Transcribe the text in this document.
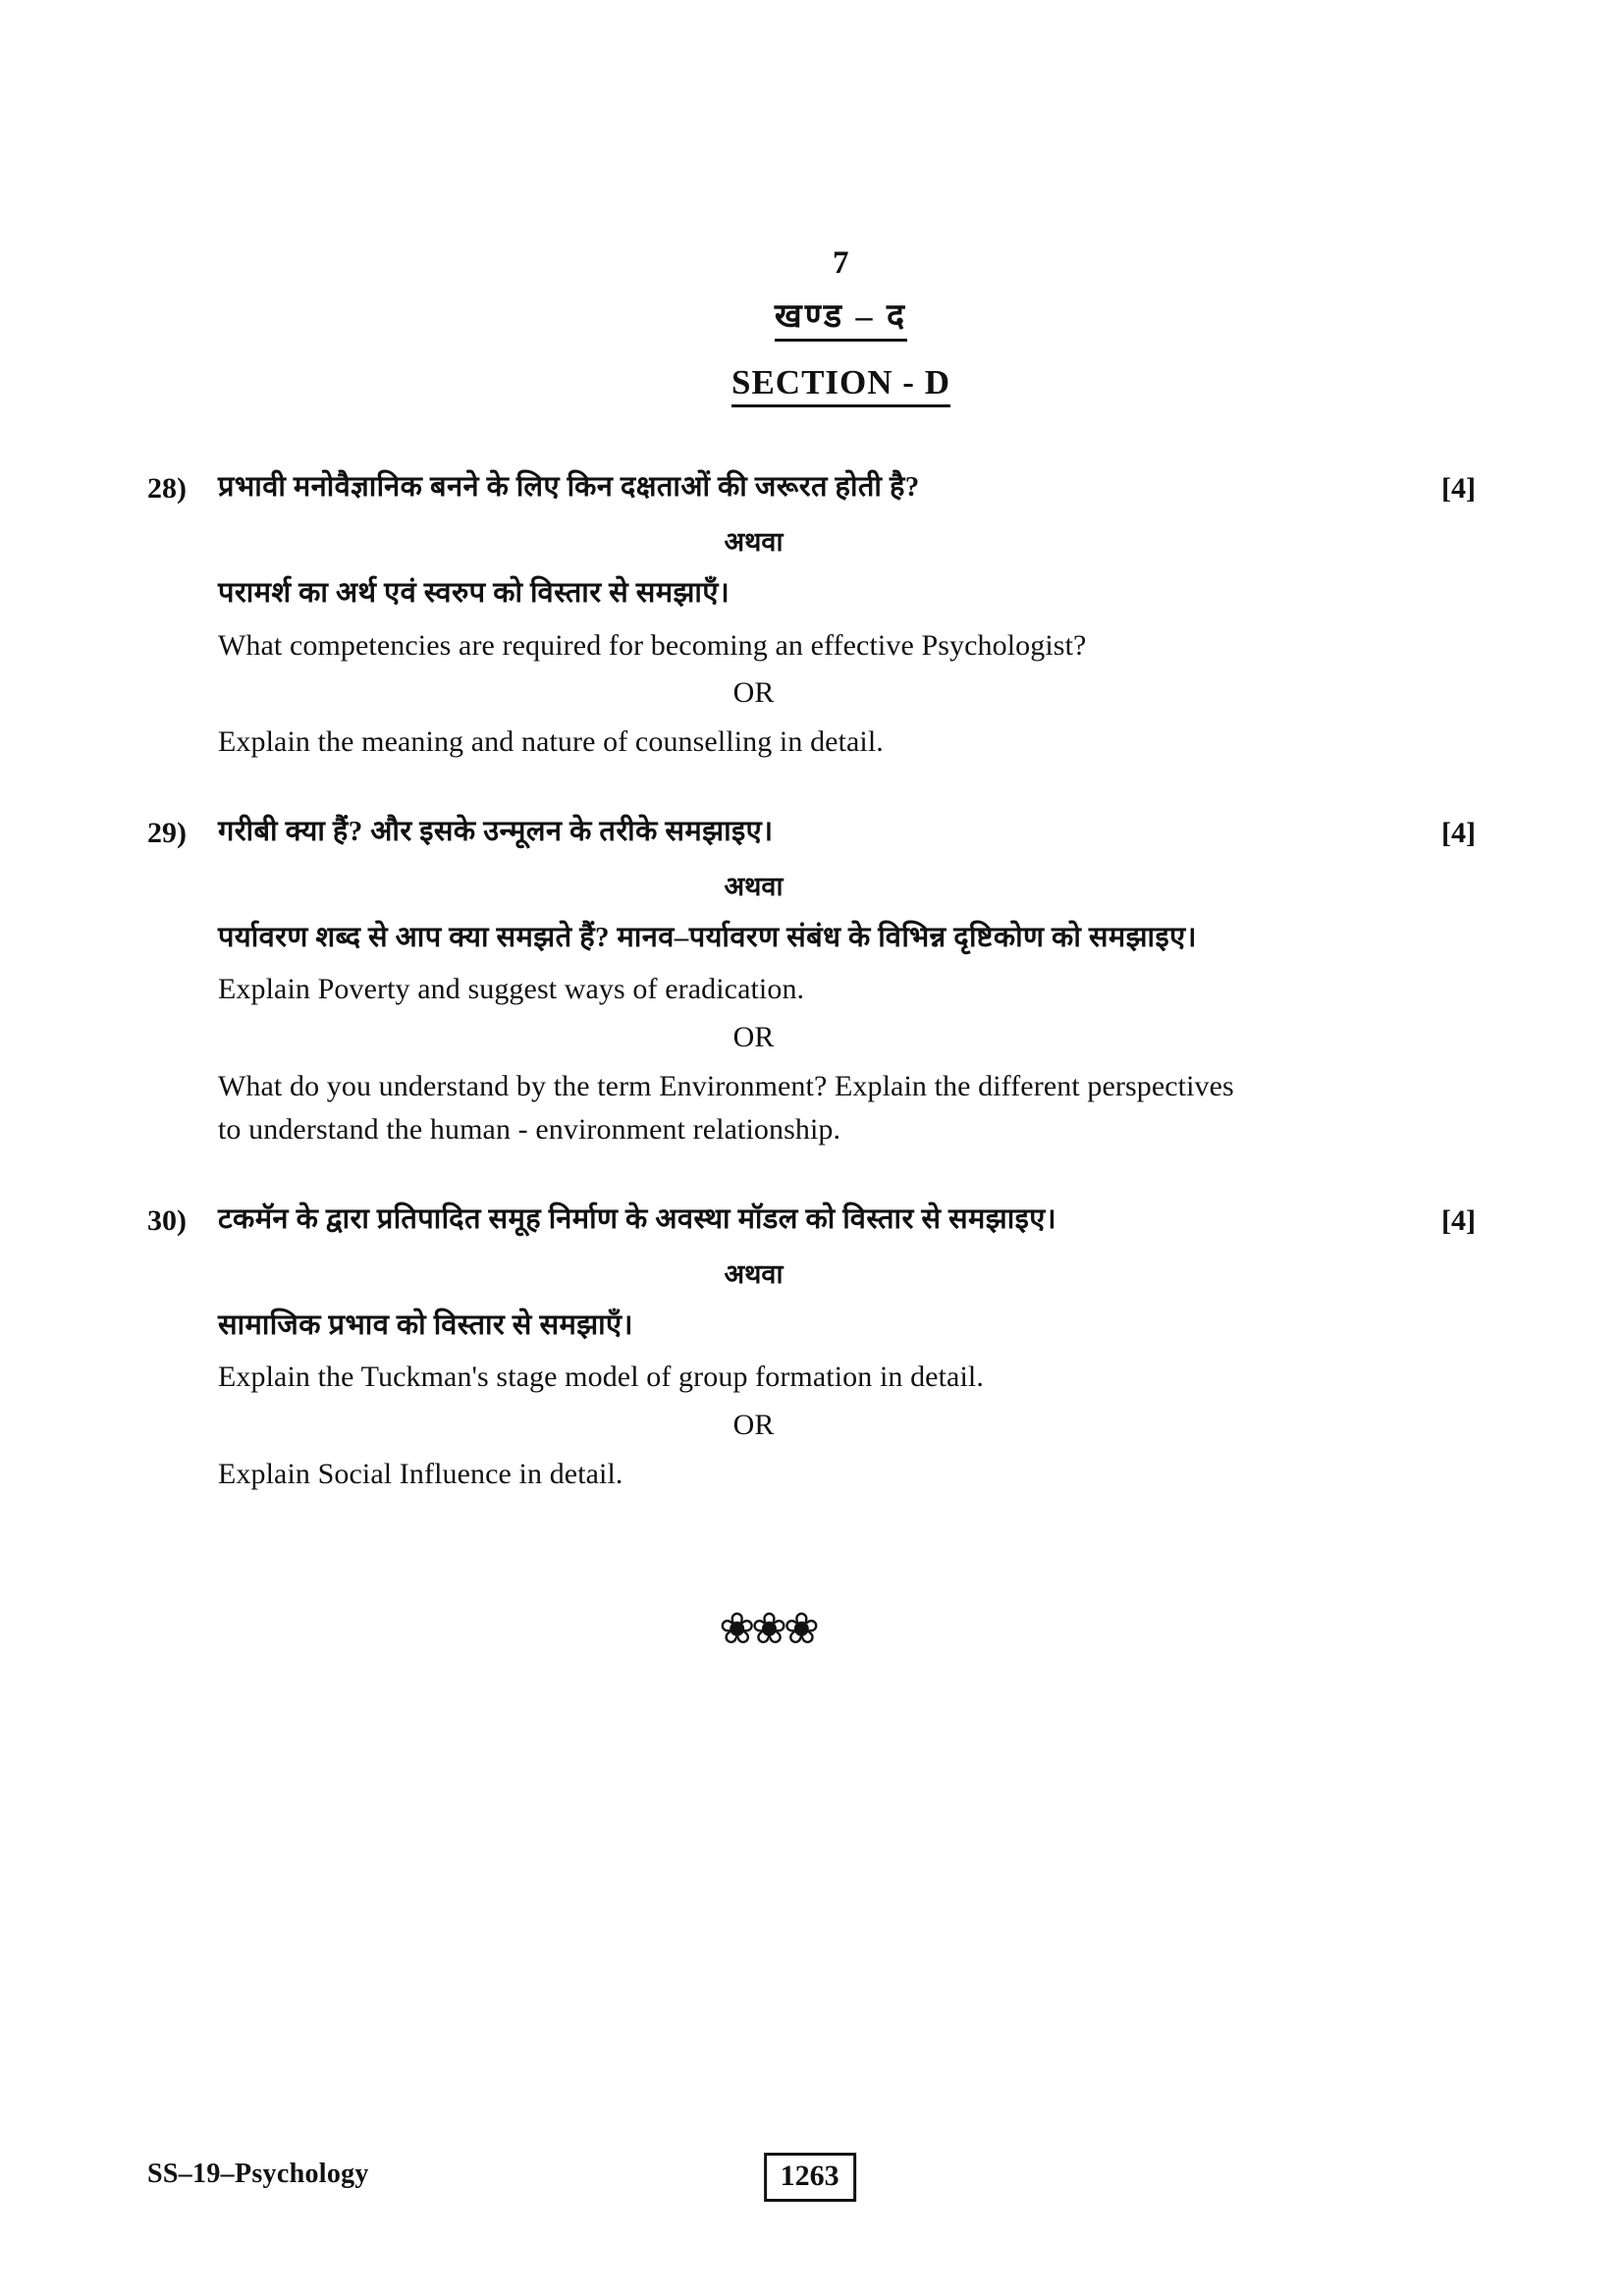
7
खण्ड – द
SECTION - D
28)	प्रभावी मनोवैज्ञानिक बनने के लिए किन दक्षताओं की जरूरत होती है?	[4]
अथवा
परामर्श का अर्थ एवं स्वरुप को विस्तार से समझाएँ।
What competencies are required for becoming an effective Psychologist?
OR
Explain the meaning and nature of counselling in detail.
29)	गरीबी क्या हैं? और इसके उन्मूलन के तरीके समझाइए।	[4]
अथवा
पर्यावरण शब्द से आप क्या समझते हैं? मानव–पर्यावरण संबंध के विभिन्न दृष्टिकोण को समझाइए।
Explain Poverty and suggest ways of eradication.
OR
What do you understand by the term Environment? Explain the different perspectives
to understand the human - environment relationship.
30)	टकमॅन के द्वारा प्रतिपादित समूह निर्माण के अवस्था मॉडल को विस्तार से समझाइए।	[4]
अथवा
सामाजिक प्रभाव को विस्तार से समझाएँ।
Explain the Tuckman's stage model of group formation in detail.
OR
Explain Social Influence in detail.
❀❀❀
SS–19–Psychology	1263
